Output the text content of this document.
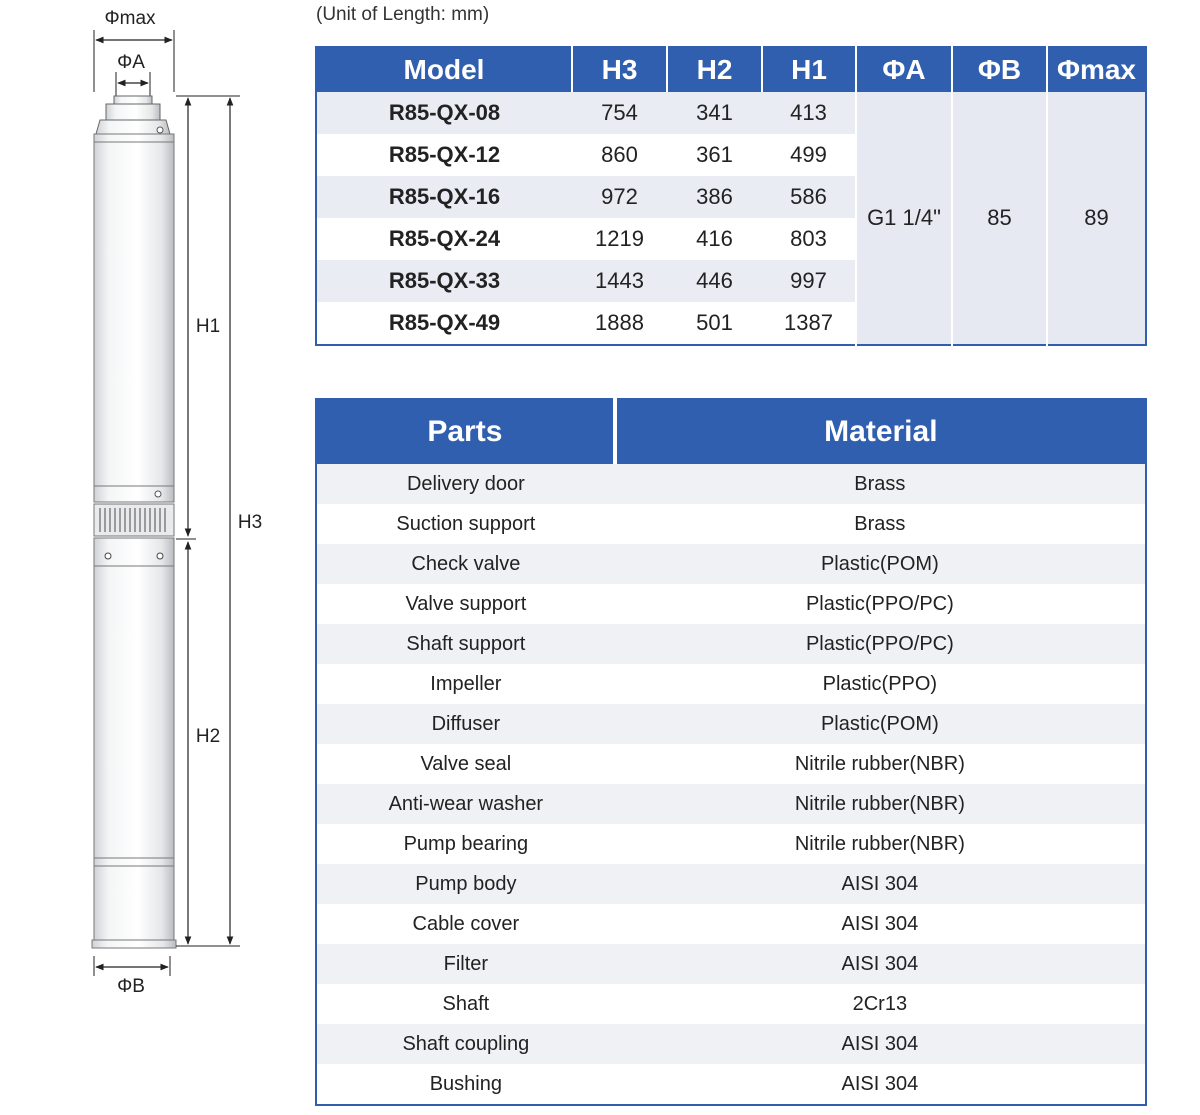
Φmax
ΦA
ΦB
H1
H2
H3
(Unit of Length: mm)
Model	H3	H2	H1	ΦA	ΦB	Φmax
R85-QX-08	754	341	413	G1 1/4"	85	89
R85-QX-12	860	361	499			
R85-QX-16	972	386	586			
R85-QX-24	1219	416	803			
R85-QX-33	1443	446	997			
R85-QX-49	1888	501	1387			
Parts	Material
Delivery door	Brass
Suction support	Brass
Check valve	Plastic(POM)
Valve support	Plastic(PPO/PC)
Shaft support	Plastic(PPO/PC)
Impeller	Plastic(PPO)
Diffuser	Plastic(POM)
Valve seal	Nitrile rubber(NBR)
Anti-wear washer	Nitrile rubber(NBR)
Pump bearing	Nitrile rubber(NBR)
Pump body	AISI 304
Cable cover	AISI 304
Filter	AISI 304
Shaft	2Cr13
Shaft coupling	AISI 304
Bushing	AISI 304
